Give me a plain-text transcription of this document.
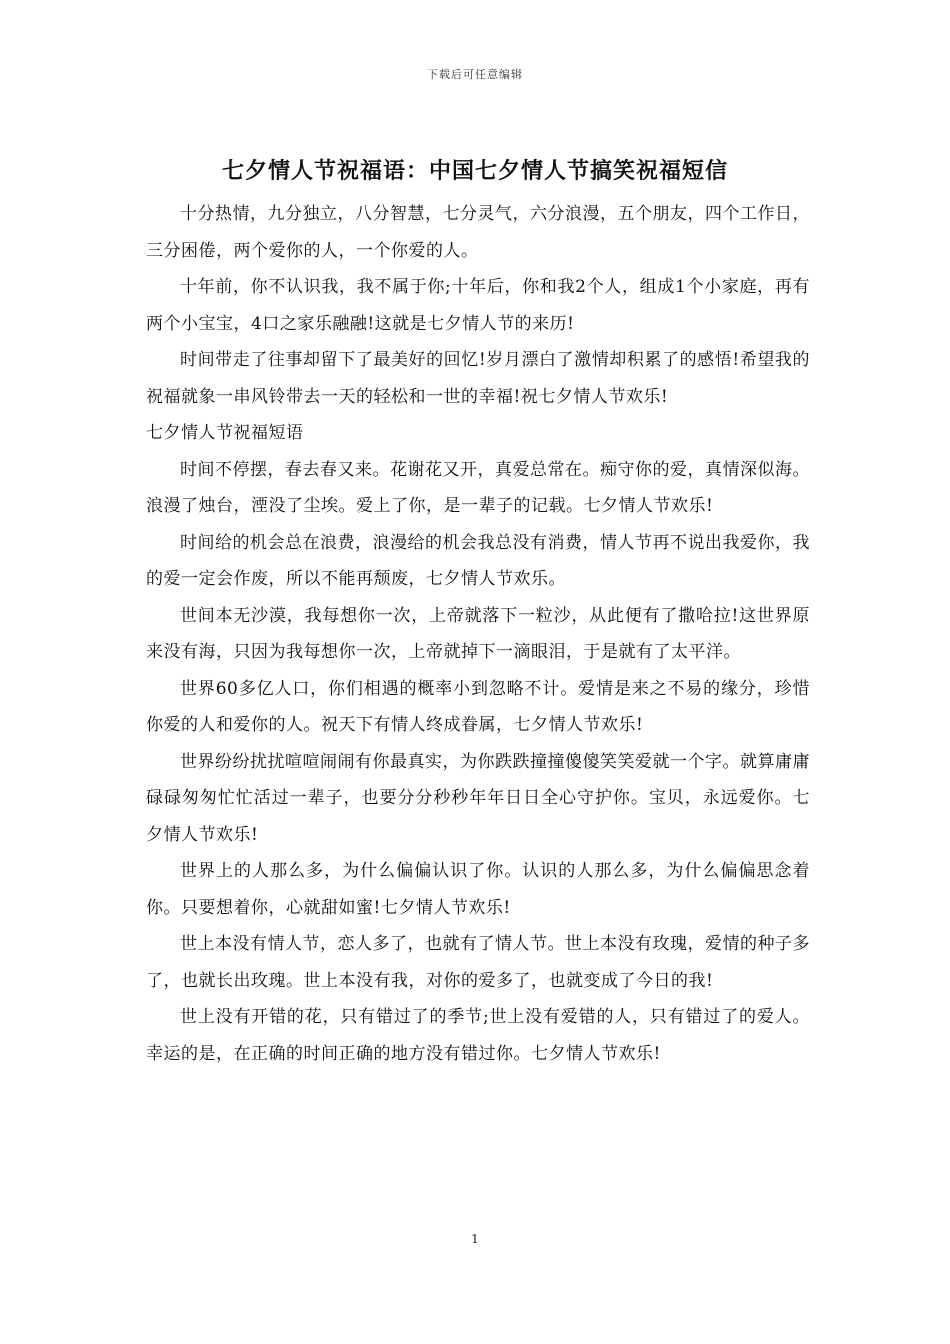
下载后可任意编辑
七夕情人节祝福语：中国七夕情人节搞笑祝福短信

十分热情，九分独立，八分智慧，七分灵气，六分浪漫，五个朋友，四个工作日，三分困倦，两个爱你的人，一个你爱的人。

十年前，你不认识我，我不属于你;十年后，你和我2个人，组成1个小家庭，再有两个小宝宝，4口之家乐融融!这就是七夕情人节的来历!

时间带走了往事却留下了最美好的回忆!岁月漂白了激情却积累了的感悟!希望我的祝福就象一串风铃带去一天的轻松和一世的幸福!祝七夕情人节欢乐!

七夕情人节祝福短语

时间不停摆，春去春又来。花谢花又开，真爱总常在。痴守你的爱，真情深似海。浪漫了烛台，湮没了尘埃。爱上了你，是一辈子的记载。七夕情人节欢乐!

时间给的机会总在浪费，浪漫给的机会我总没有消费，情人节再不说出我爱你，我的爱一定会作废，所以不能再颓废，七夕情人节欢乐。

世间本无沙漠，我每想你一次，上帝就落下一粒沙，从此便有了撒哈拉!这世界原来没有海，只因为我每想你一次，上帝就掉下一滴眼泪，于是就有了太平洋。

世界60多亿人口，你们相遇的概率小到忽略不计。爱情是来之不易的缘分，珍惜你爱的人和爱你的人。祝天下有情人终成眷属，七夕情人节欢乐!

世界纷纷扰扰喧喧闹闹有你最真实，为你跌跌撞撞傻傻笑笑爱就一个字。就算庸庸碌碌匆匆忙忙活过一辈子，也要分分秒秒年年日日全心守护你。宝贝，永远爱你。七夕情人节欢乐!

世界上的人那么多，为什么偏偏认识了你。认识的人那么多，为什么偏偏思念着你。只要想着你，心就甜如蜜!七夕情人节欢乐!

世上本没有情人节，恋人多了，也就有了情人节。世上本没有玫瑰，爱情的种子多了，也就长出玫瑰。世上本没有我，对你的爱多了，也就变成了今日的我!

世上没有开错的花，只有错过了的季节;世上没有爱错的人，只有错过了的爱人。幸运的是，在正确的时间正确的地方没有错过你。七夕情人节欢乐!

1
